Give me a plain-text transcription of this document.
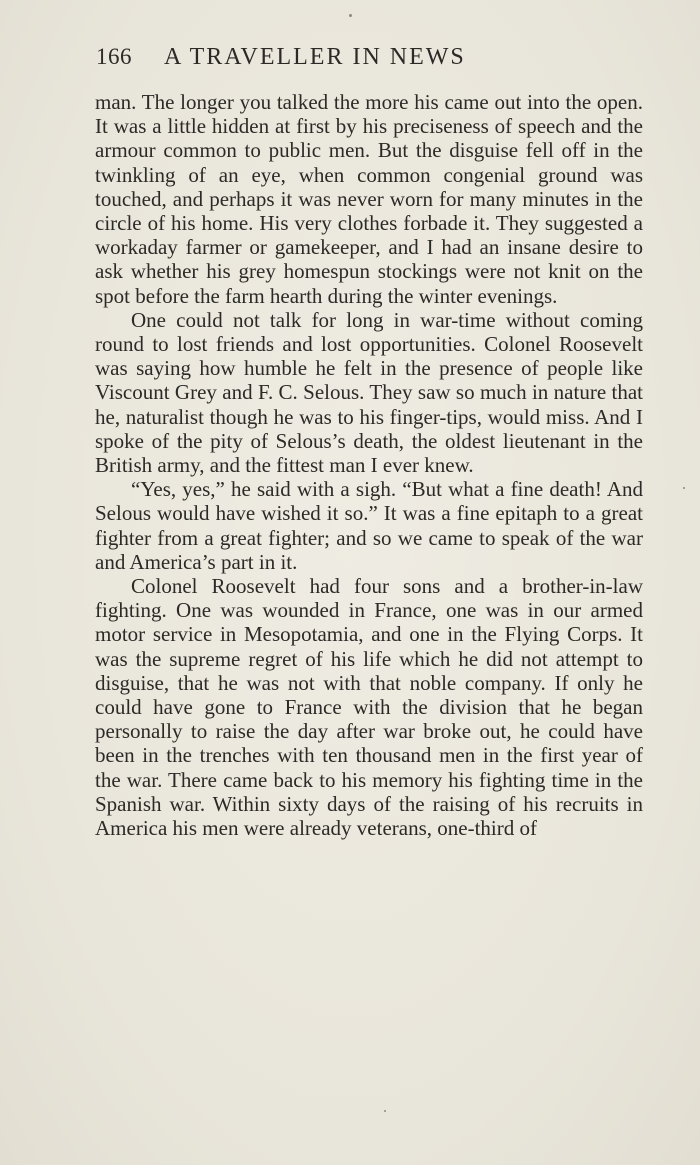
166 A TRAVELLER IN NEWS

man. The longer you talked the more his came out into the open. It was a little hidden at first by his preciseness of speech and the armour common to public men. But the disguise fell off in the twinkling of an eye, when common congenial ground was touched, and perhaps it was never worn for many minutes in the circle of his home. His very clothes forbade it. They suggested a workaday farmer or gamekeeper, and I had an insane desire to ask whether his grey homespun stockings were not knit on the spot before the farm hearth during the winter evenings.

One could not talk for long in war-time without coming round to lost friends and lost opportunities. Colonel Roosevelt was saying how humble he felt in the presence of people like Viscount Grey and F. C. Selous. They saw so much in nature that he, naturalist though he was to his finger-tips, would miss. And I spoke of the pity of Selous’s death, the oldest lieutenant in the British army, and the fittest man I ever knew.

“Yes, yes,” he said with a sigh. “But what a fine death! And Selous would have wished it so.” It was a fine epitaph to a great fighter from a great fighter; and so we came to speak of the war and America’s part in it.

Colonel Roosevelt had four sons and a brother-in-law fighting. One was wounded in France, one was in our armed motor service in Mesopotamia, and one in the Flying Corps. It was the supreme regret of his life which he did not attempt to disguise, that he was not with that noble company. If only he could have gone to France with the division that he began personally to raise the day after war broke out, he could have been in the trenches with ten thousand men in the first year of the war. There came back to his memory his fighting time in the Spanish war. Within sixty days of the raising of his recruits in America his men were already veterans, one-third of
